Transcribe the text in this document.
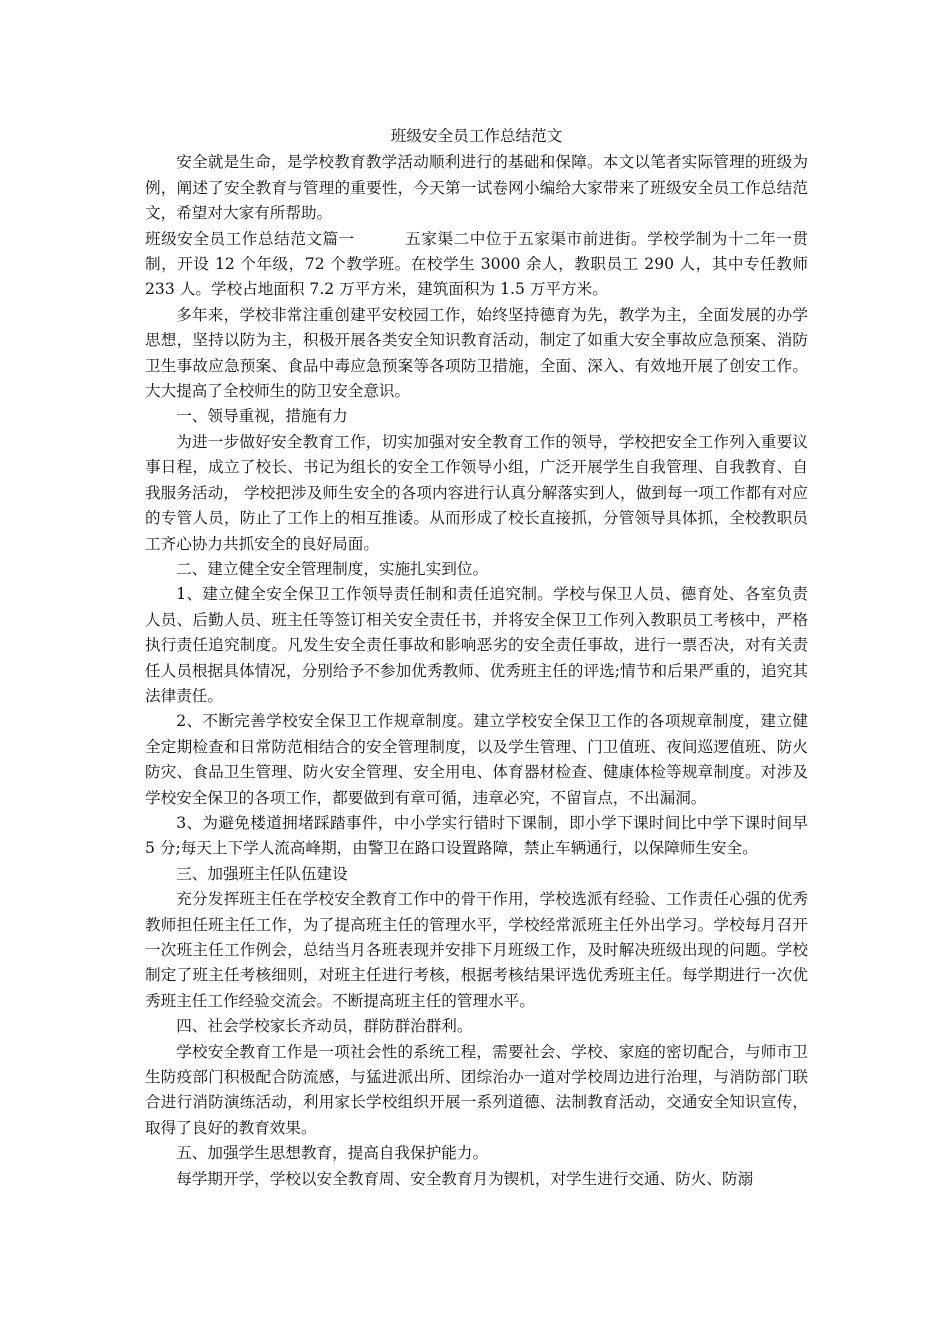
班级安全员工作总结范文

安全就是生命，是学校教育教学活动顺利进行的基础和保障。本文以笔者实际管理的班级为例，阐述了安全教育与管理的重要性，今天第一试卷网小编给大家带来了班级安全员工作总结范文，希望对大家有所帮助。

班级安全员工作总结范文篇一	五家渠二中位于五家渠市前进街。学校学制为十二年一贯制，开设 12 个年级，72 个教学班。在校学生 3000 余人，教职员工 290 人，其中专任教师 233 人。学校占地面积 7.2 万平方米，建筑面积为 1.5 万平方米。

多年来，学校非常注重创建平安校园工作，始终坚持德育为先，教学为主，全面发展的办学思想，坚持以防为主，积极开展各类安全知识教育活动，制定了如重大安全事故应急预案、消防卫生事故应急预案、食品中毒应急预案等各项防卫措施，全面、深入、有效地开展了创安工作。大大提高了全校师生的防卫安全意识。

一、领导重视，措施有力

为进一步做好安全教育工作，切实加强对安全教育工作的领导，学校把安全工作列入重要议事日程，成立了校长、书记为组长的安全工作领导小组，广泛开展学生自我管理、自我教育、自我服务活动， 学校把涉及师生安全的各项内容进行认真分解落实到人，做到每一项工作都有对应的专管人员，防止了工作上的相互推诿。从而形成了校长直接抓，分管领导具体抓，全校教职员工齐心协力共抓安全的良好局面。

二、建立健全安全管理制度，实施扎实到位。

1、建立健全安全保卫工作领导责任制和责任追究制。学校与保卫人员、德育处、各室负责人员、后勤人员、班主任等签订相关安全责任书，并将安全保卫工作列入教职员工考核中，严格执行责任追究制度。凡发生安全责任事故和影响恶劣的安全责任事故，进行一票否决，对有关责任人员根据具体情况，分别给予不参加优秀教师、优秀班主任的评选;情节和后果严重的，追究其法律责任。

2、不断完善学校安全保卫工作规章制度。建立学校安全保卫工作的各项规章制度，建立健全定期检查和日常防范相结合的安全管理制度，以及学生管理、门卫值班、夜间巡逻值班、防火防灾、食品卫生管理、防火安全管理、安全用电、体育器材检查、健康体检等规章制度。对涉及学校安全保卫的各项工作，都要做到有章可循，违章必究，不留盲点，不出漏洞。

3、为避免楼道拥堵踩踏事件，中小学实行错时下课制，即小学下课时间比中学下课时间早 5 分;每天上下学人流高峰期，由警卫在路口设置路障，禁止车辆通行，以保障师生安全。

三、加强班主任队伍建设

充分发挥班主任在学校安全教育工作中的骨干作用，学校选派有经验、工作责任心强的优秀教师担任班主任工作，为了提高班主任的管理水平，学校经常派班主任外出学习。学校每月召开一次班主任工作例会，总结当月各班表现并安排下月班级工作，及时解决班级出现的问题。学校制定了班主任考核细则，对班主任进行考核，根据考核结果评选优秀班主任。每学期进行一次优秀班主任工作经验交流会。不断提高班主任的管理水平。

四、社会学校家长齐动员，群防群治群利。

学校安全教育工作是一项社会性的系统工程，需要社会、学校、家庭的密切配合，与师市卫生防疫部门积极配合防流感，与猛进派出所、团综治办一道对学校周边进行治理，与消防部门联合进行消防演练活动，利用家长学校组织开展一系列道德、法制教育活动，交通安全知识宣传，取得了良好的教育效果。

五、加强学生思想教育，提高自我保护能力。

每学期开学，学校以安全教育周、安全教育月为锲机，对学生进行交通、防火、防溺
